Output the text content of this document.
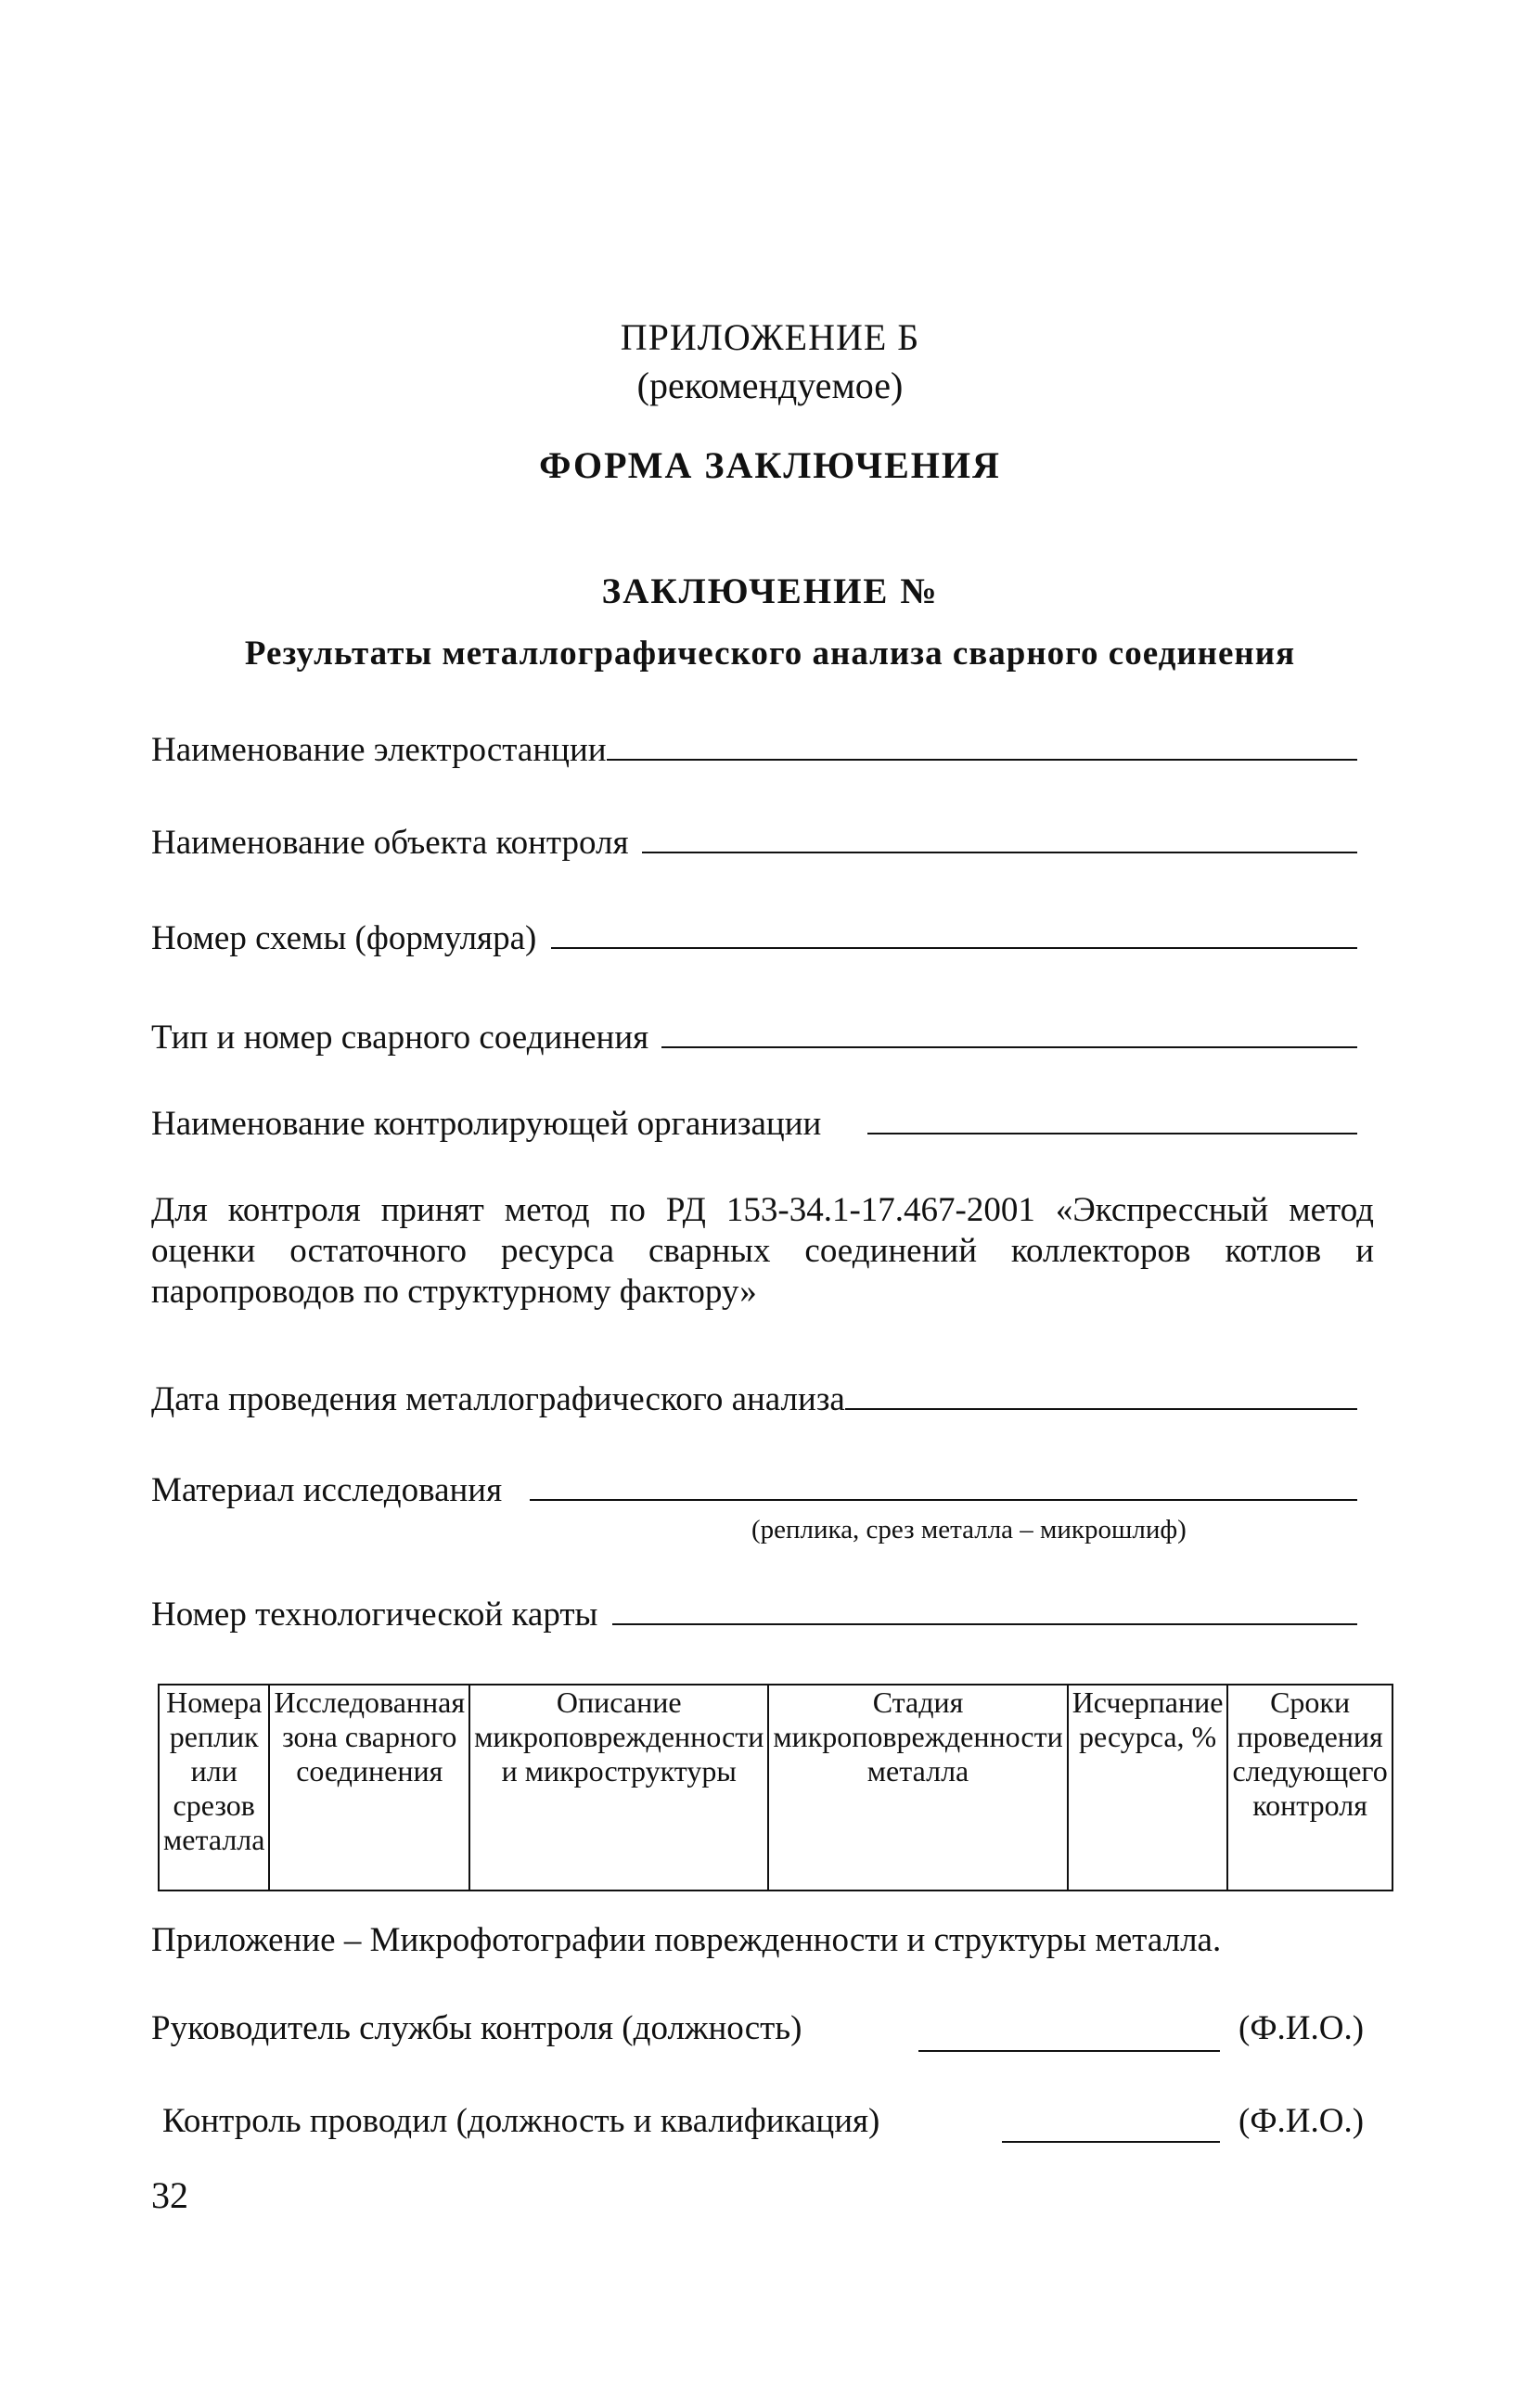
ПРИЛОЖЕНИЕ Б
(рекомендуемое)
ФОРМА ЗАКЛЮЧЕНИЯ
ЗАКЛЮЧЕНИЕ №
Результаты металлографического анализа сварного соединения
Наименование электростанции
Наименование объекта контроля
Номер схемы (формуляра)
Тип и номер сварного соединения
Наименование контролирующей организации
Для контроля принят метод по РД 153-34.1-17.467-2001 «Экспресcный метод оценки остаточного ресурса сварных соединений коллекторов котлов и паропроводов по структурному фактору»
Дата проведения металлографического анализа
Материал исследования
(реплика, срез металла – микрошлиф)
Номер технологической карты
Номера реплик или срезов металла	Исследованная зона сварного соединения	Описание микроповрежденности и микроструктуры	Стадия микроповрежденности металла	Исчерпание ресурса, %	Сроки проведения следующего контроля
Приложение – Микрофотографии поврежденности и структуры металла.
Руководитель службы контроля (должность)	(Ф.И.О.)
Контроль проводил (должность и квалификация)	(Ф.И.О.)
32
